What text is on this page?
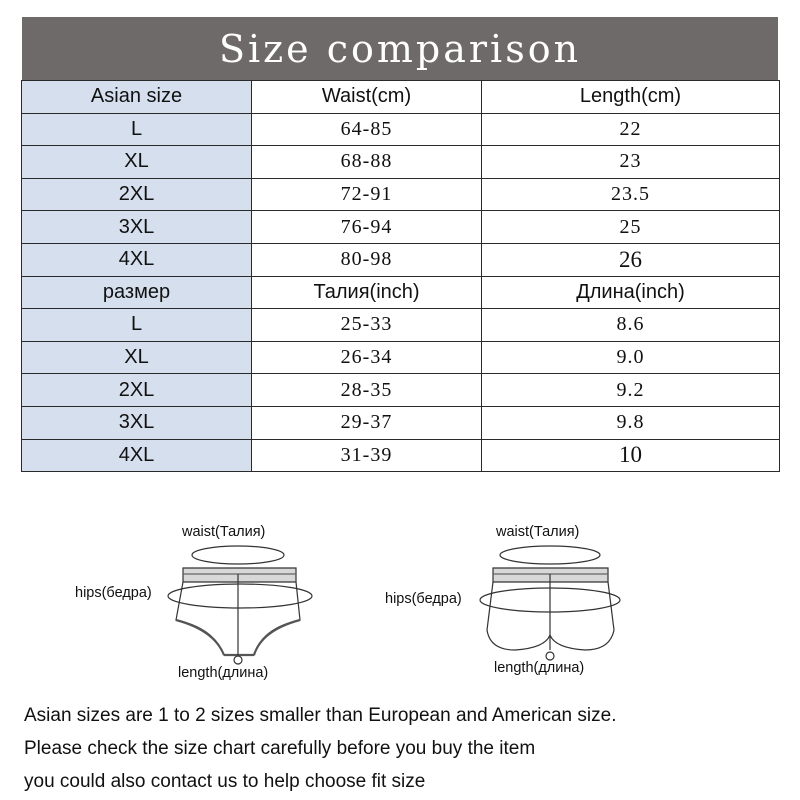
Size comparison
Asian size	Waist(cm)	Length(cm)
L	64-85	22
XL	68-88	23
2XL	72-91	23.5
3XL	76-94	25
4XL	80-98	26
размер	Талия(inch)	Длина(inch)
L	25-33	8.6
XL	26-34	9.0
2XL	28-35	9.2
3XL	29-37	9.8
4XL	31-39	10
waist(Талия)
hips(бедра)
length(длина)
waist(Талия)
hips(бедра)
length(длина)
Asian sizes are 1 to 2 sizes smaller than European and American size.
Please check the size chart carefully before you buy the item
you could also contact us to help choose fit size
